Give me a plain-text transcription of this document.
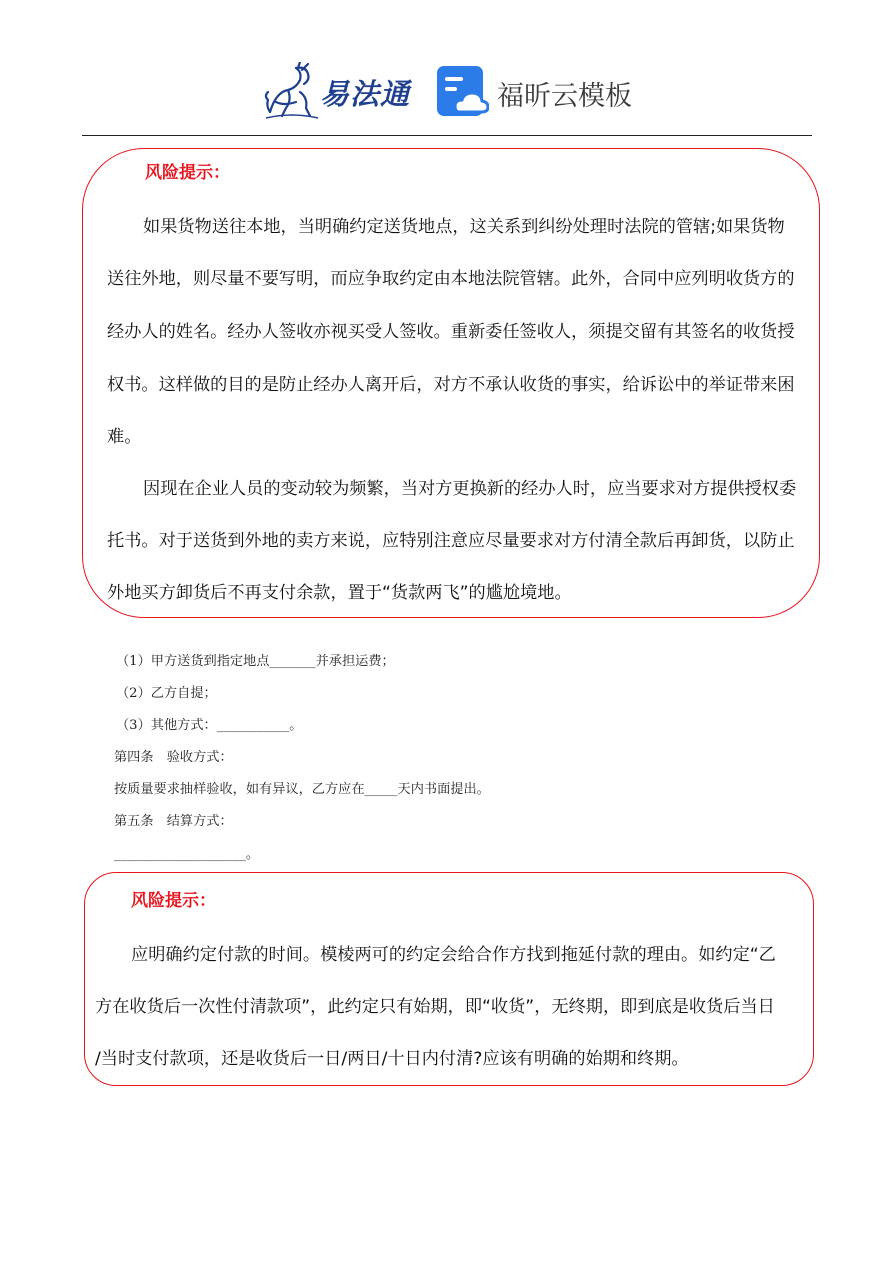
易法通	福昕云模板
风险提示：
如果货物送往本地，当明确约定送货地点，这关系到纠纷处理时法院的管辖;如果货物
送往外地，则尽量不要写明，而应争取约定由本地法院管辖。此外，合同中应列明收货方的
经办人的姓名。经办人签收亦视买受人签收。重新委任签收人，须提交留有其签名的收货授
权书。这样做的目的是防止经办人离开后，对方不承认收货的事实，给诉讼中的举证带来困
难。
因现在企业人员的变动较为频繁，当对方更换新的经办人时，应当要求对方提供授权委
托书。对于送货到外地的卖方来说，应特别注意应尽量要求对方付清全款后再卸货，以防止
外地买方卸货后不再支付余款，置于“货款两飞”的尴尬境地。
（1）甲方送货到指定地点_______并承担运费；
（2）乙方自提；
（3）其他方式：___________。
第四条　验收方式：
按质量要求抽样验收，如有异议，乙方应在_____天内书面提出。
第五条　结算方式：
____________________。
风险提示：
应明确约定付款的时间。模棱两可的约定会给合作方找到拖延付款的理由。如约定“乙
方在收货后一次性付清款项”，此约定只有始期，即“收货”，无终期，即到底是收货后当日
/当时支付款项，还是收货后一日/两日/十日内付清?应该有明确的始期和终期。
